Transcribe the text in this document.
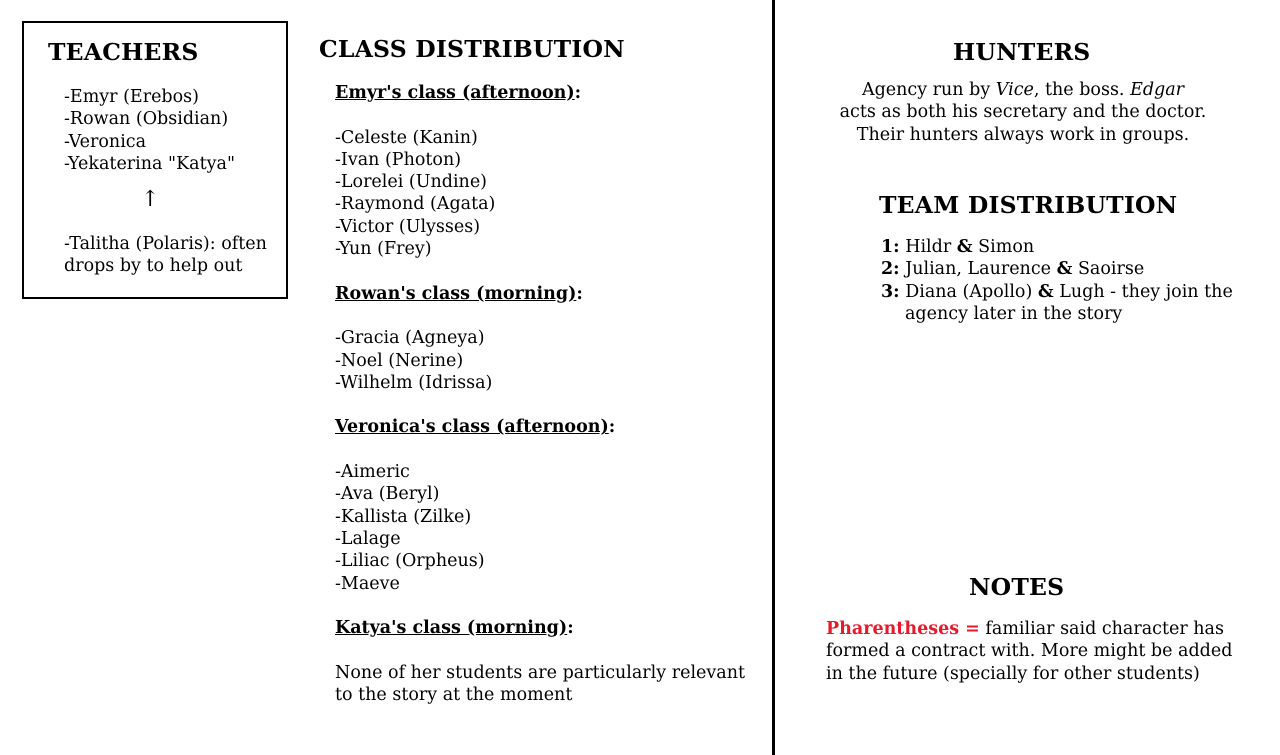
TEACHERS
-Emyr (Erebos)
-Rowan (Obsidian)
-Veronica
-Yekaterina "Katya"
↑
-Talitha (Polaris): often
drops by to help out
CLASS DISTRIBUTION
Emyr's class (afternoon):
-Celeste (Kanin)
-Ivan (Photon)
-Lorelei (Undine)
-Raymond (Agata)
-Victor (Ulysses)
-Yun (Frey)
Rowan's class (morning):
-Gracia (Agneya)
-Noel (Nerine)
-Wilhelm (Idrissa)
Veronica's class (afternoon):
-Aimeric
-Ava (Beryl)
-Kallista (Zilke)
-Lalage
-Liliac (Orpheus)
-Maeve
Katya's class (morning):
None of her students are particularly relevant
to the story at the moment
HUNTERS
Agency run by Vice, the boss. Edgar
acts as both his secretary and the doctor.
Their hunters always work in groups.
TEAM DISTRIBUTION
1: Hildr & Simon
2: Julian, Laurence & Saoirse
3: Diana (Apollo) & Lugh - they join the
agency later in the story
NOTES
Pharentheses = familiar said character has
formed a contract with. More might be added
in the future (specially for other students)
